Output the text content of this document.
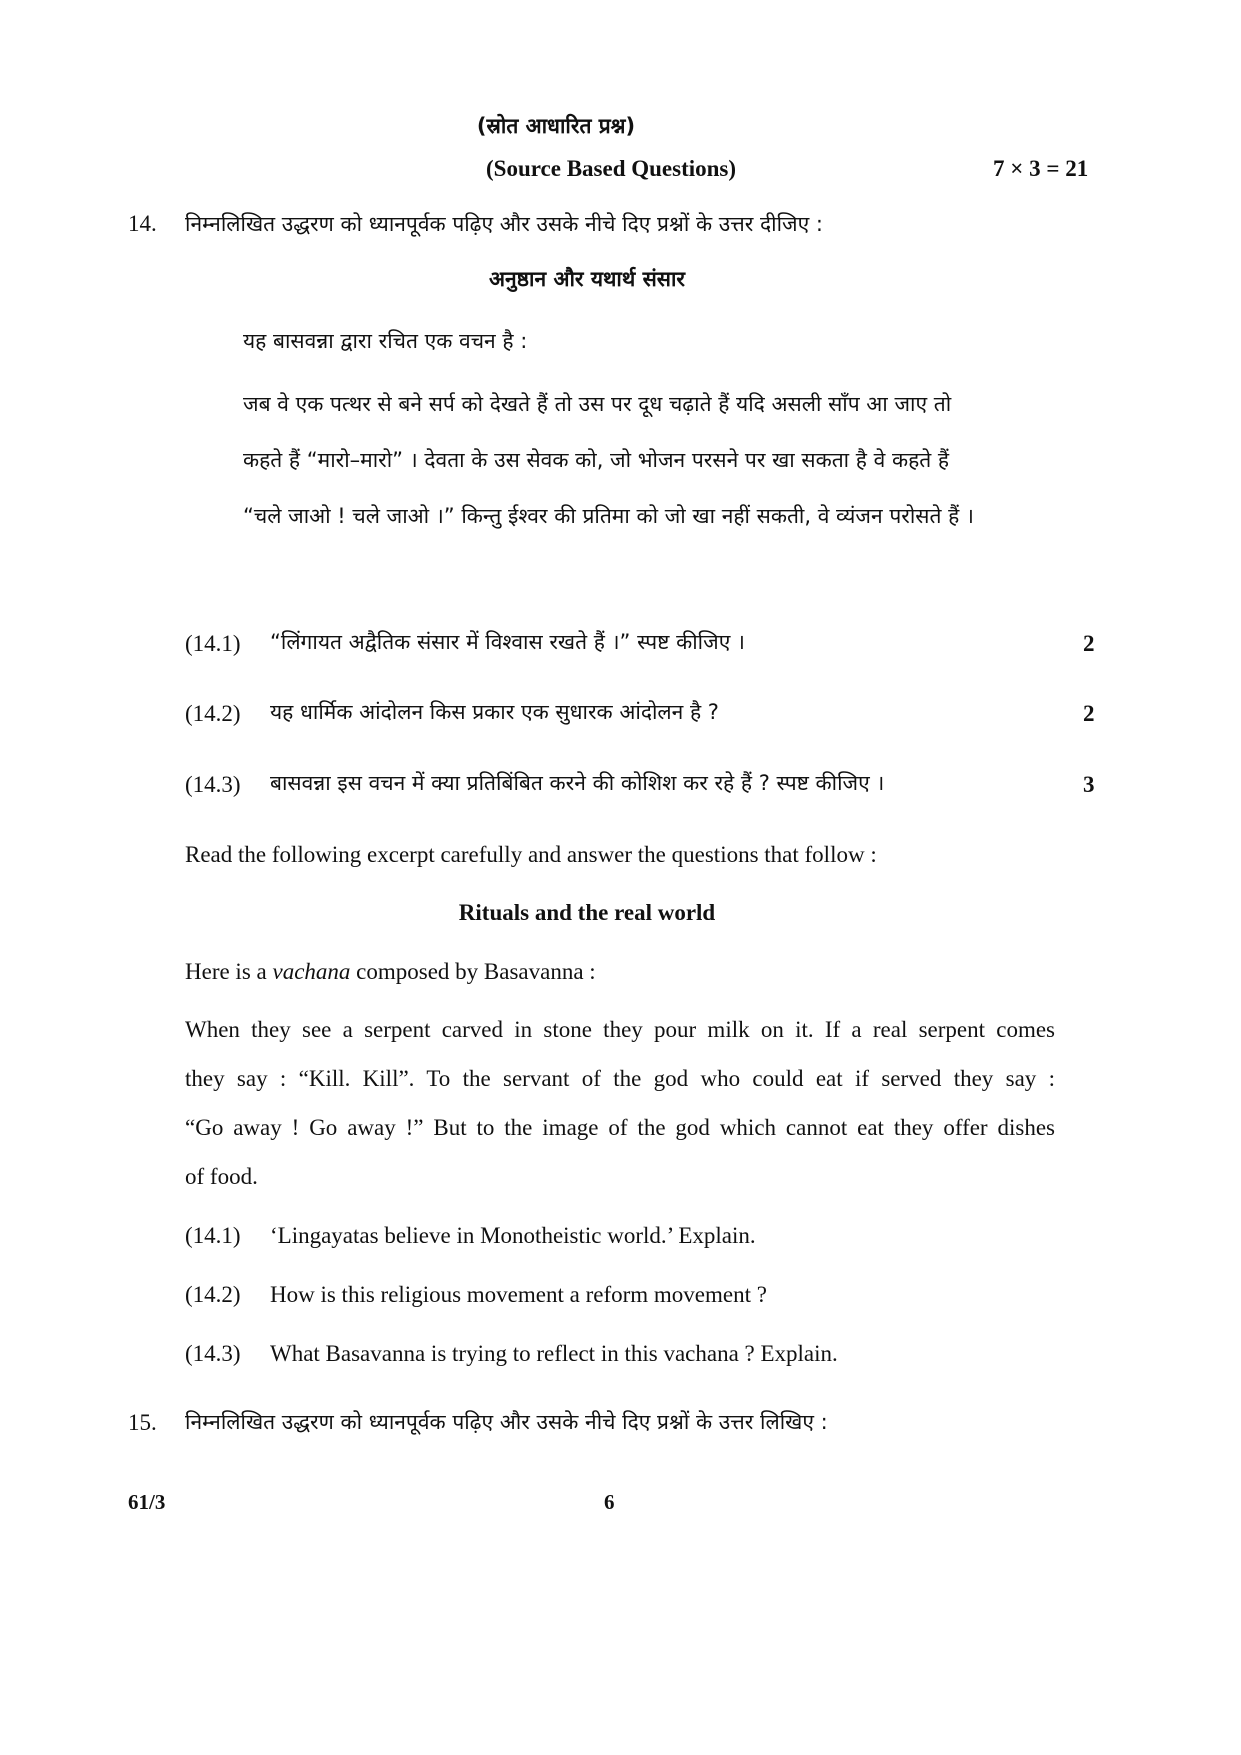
(स्रोत आधारित प्रश्न)
(Source Based Questions)	7 × 3 = 21
14. निम्नलिखित उद्धरण को ध्यानपूर्वक पढ़िए और उसके नीचे दिए प्रश्नों के उत्तर दीजिए :
अनुष्ठान और यथार्थ संसार
यह बासवन्ना द्वारा रचित एक वचन है :
जब वे एक पत्थर से बने सर्प को देखते हैं तो उस पर दूध चढ़ाते हैं यदि असली साँप आ जाए तो
कहते हैं “मारो–मारो” । देवता के उस सेवक को, जो भोजन परसने पर खा सकता है वे कहते हैं
“चले जाओ ! चले जाओ ।” किन्तु ईश्वर की प्रतिमा को जो खा नहीं सकती, वे व्यंजन परोसते हैं ।
(14.1) “लिंगायत अद्वैतिक संसार में विश्वास रखते हैं ।” स्पष्ट कीजिए ।	2
(14.2) यह धार्मिक आंदोलन किस प्रकार एक सुधारक आंदोलन है ?	2
(14.3) बासवन्ना इस वचन में क्या प्रतिबिंबित करने की कोशिश कर रहे हैं ? स्पष्ट कीजिए ।	3
Read the following excerpt carefully and answer the questions that follow :
Rituals and the real world
Here is a vachana composed by Basavanna :
When they see a serpent carved in stone they pour milk on it. If a real serpent comes
they say : “Kill. Kill”. To the servant of the god who could eat if served they say :
“Go away ! Go away !” But to the image of the god which cannot eat they offer dishes
of food.
(14.1) ‘Lingayatas believe in Monotheistic world.’ Explain.
(14.2) How is this religious movement a reform movement ?
(14.3) What Basavanna is trying to reflect in this vachana ? Explain.
15. निम्नलिखित उद्धरण को ध्यानपूर्वक पढ़िए और उसके नीचे दिए प्रश्नों के उत्तर लिखिए :
61/3	6
